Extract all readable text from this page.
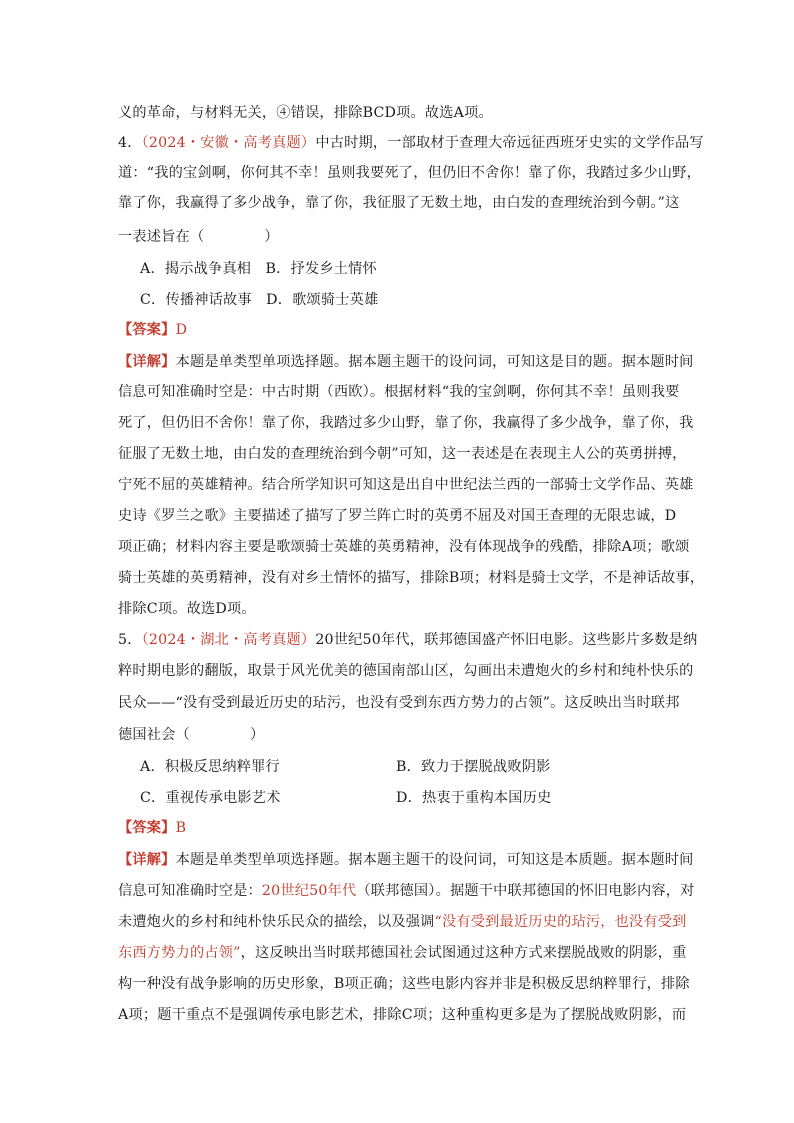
义的革命，与材料无关，④错误，排除BCD项。故选A项。
4．（2024・安徽・高考真题）中古时期，一部取材于查理大帝远征西班牙史实的文学作品写
道：“我的宝剑啊，你何其不幸！虽则我要死了，但仍旧不舍你！靠了你，我踏过多少山野，
靠了你，我赢得了多少战争，靠了你，我征服了无数土地，由白发的查理统治到今朝。”这
一表述旨在（	）
A．揭示战争真相　B．抒发乡土情怀
C．传播神话故事　D．歌颂骑士英雄
【答案】D
【详解】本题是单类型单项选择题。据本题主题干的设问词，可知这是目的题。据本题时间
信息可知准确时空是：中古时期（西欧）。根据材料“我的宝剑啊，你何其不幸！虽则我要
死了，但仍旧不舍你！靠了你，我踏过多少山野，靠了你，我赢得了多少战争，靠了你，我
征服了无数土地，由白发的查理统治到今朝”可知，这一表述是在表现主人公的英勇拼搏，
宁死不屈的英雄精神。结合所学知识可知这是出自中世纪法兰西的一部骑士文学作品、英雄
史诗《罗兰之歌》主要描述了描写了罗兰阵亡时的英勇不屈及对国王查理的无限忠诚，D
项正确；材料内容主要是歌颂骑士英雄的英勇精神，没有体现战争的残酷，排除A项；歌颂
骑士英雄的英勇精神，没有对乡土情怀的描写，排除B项；材料是骑士文学，不是神话故事，
排除C项。故选D项。
5．（2024・湖北・高考真题）20世纪50年代，联邦德国盛产怀旧电影。这些影片多数是纳
粹时期电影的翻版，取景于风光优美的德国南部山区，勾画出未遭炮火的乡村和纯朴快乐的
民众——“没有受到最近历史的玷污，也没有受到东西方势力的占领”。这反映出当时联邦
德国社会（	）
A．积极反思纳粹罪行	B．致力于摆脱战败阴影
C．重视传承电影艺术	D．热衷于重构本国历史
【答案】B
【详解】本题是单类型单项选择题。据本题主题干的设问词，可知这是本质题。据本题时间
信息可知准确时空是：20世纪50年代（联邦德国）。据题干中联邦德国的怀旧电影内容，对
未遭炮火的乡村和纯朴快乐民众的描绘，以及强调“没有受到最近历史的玷污，也没有受到
东西方势力的占领”，这反映出当时联邦德国社会试图通过这种方式来摆脱战败的阴影，重
构一种没有战争影响的历史形象，B项正确；这些电影内容并非是积极反思纳粹罪行，排除
A项；题干重点不是强调传承电影艺术，排除C项；这种重构更多是为了摆脱战败阴影，而
